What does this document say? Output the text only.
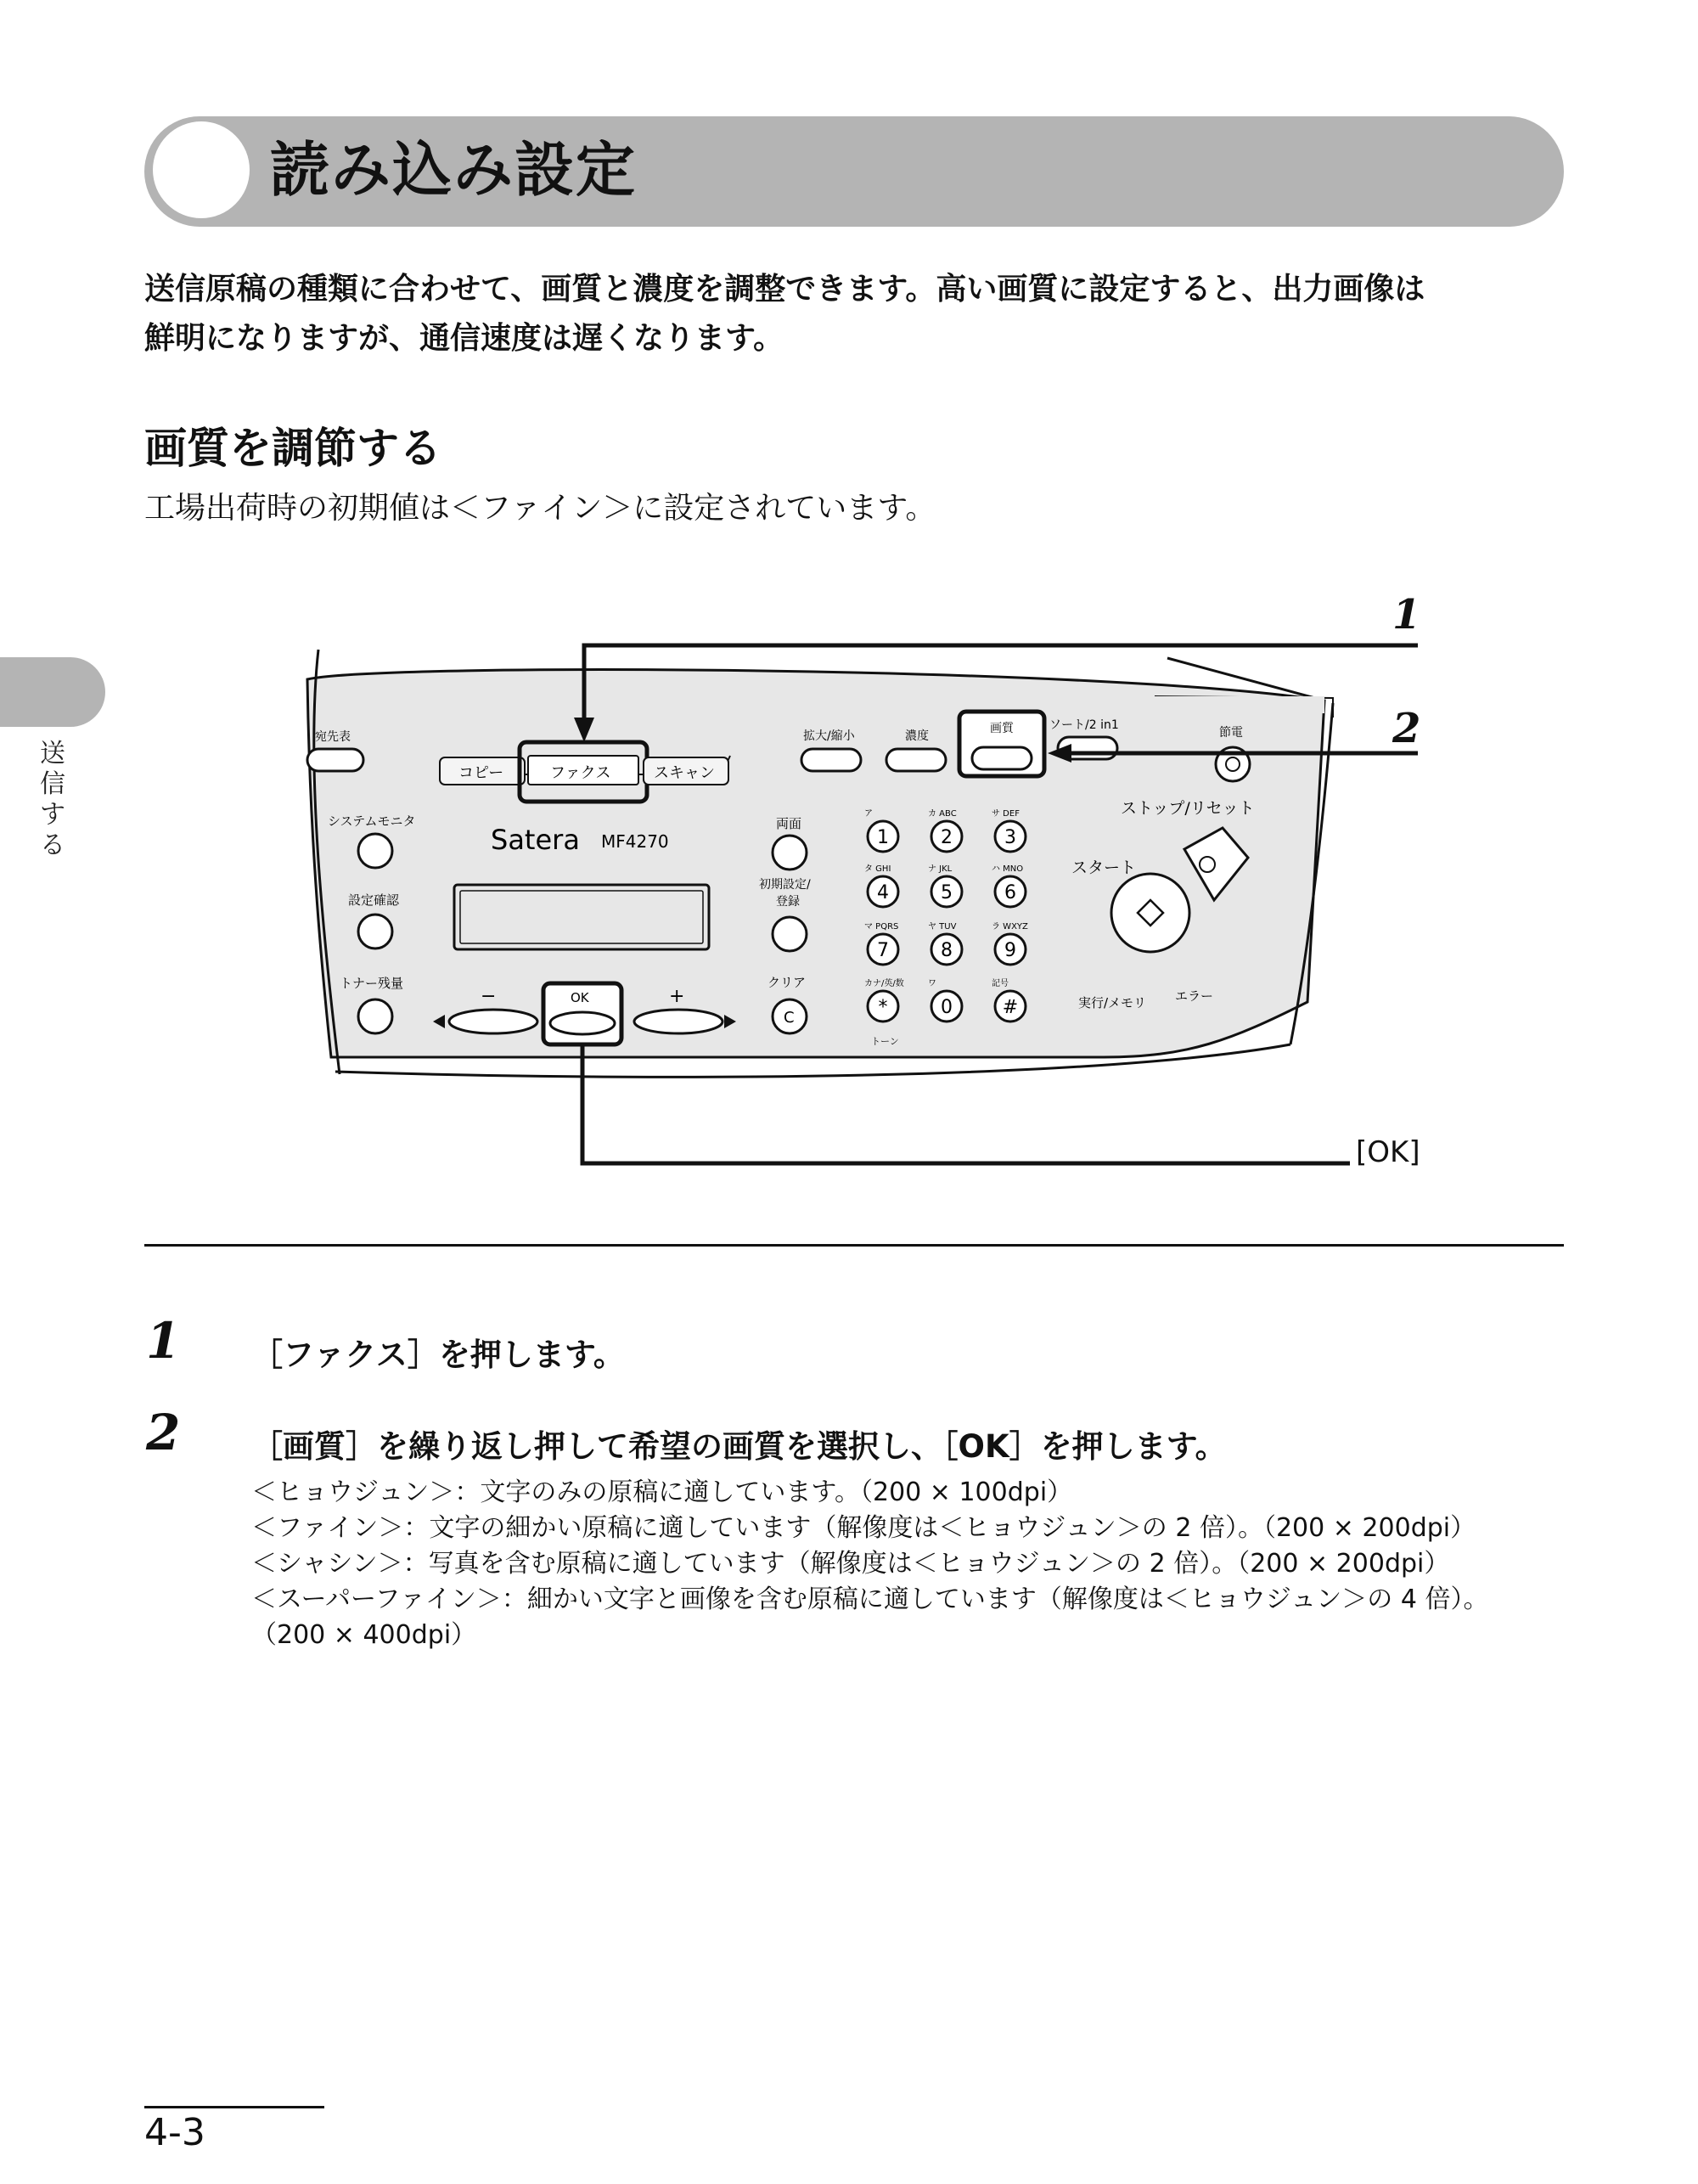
読み込み設定
送信原稿の種類に合わせて、画質と濃度を調整できます。高い画質に設定すると、出力画像は
鮮明になりますが、通信速度は遅くなります。
画質を調節する
工場出荷時の初期値は＜ファイン＞に設定されています。
送
信
す
る
宛先表
システムモニタ
設定確認
トナー残量
コピー	ファクス	スキャン
Satera MF4270
−	+
OK
拡大/縮小	濃度
画質	ソート/2 in1
節電
両面
初期設定/
登録
クリア
C
ストップ/リセット
スタート
実行/メモリ エラー
ア
1
カ ABC
2
サ DEF
3
タ GHI
4
ナ JKL
5
ハ MNO
6
マ PQRS
7
ヤ TUV
8
ラ WXYZ
9
カナ/英/数
*
ワ
0
記号
#
トーン
1
2
[OK]
1 ［ファクス］を押します。
2 ［画質］を繰り返し押して希望の画質を選択し、［OK］を押します。
＜ヒョウジュン＞：文字のみの原稿に適しています。（200 × 100dpi）
＜ファイン＞：文字の細かい原稿に適しています（解像度は＜ヒョウジュン＞の 2 倍）。（200 × 200dpi）
＜シャシン＞：写真を含む原稿に適しています（解像度は＜ヒョウジュン＞の 2 倍）。（200 × 200dpi）
＜スーパーファイン＞：細かい文字と画像を含む原稿に適しています（解像度は＜ヒョウジュン＞の 4 倍）。
（200 × 400dpi）
4-3
